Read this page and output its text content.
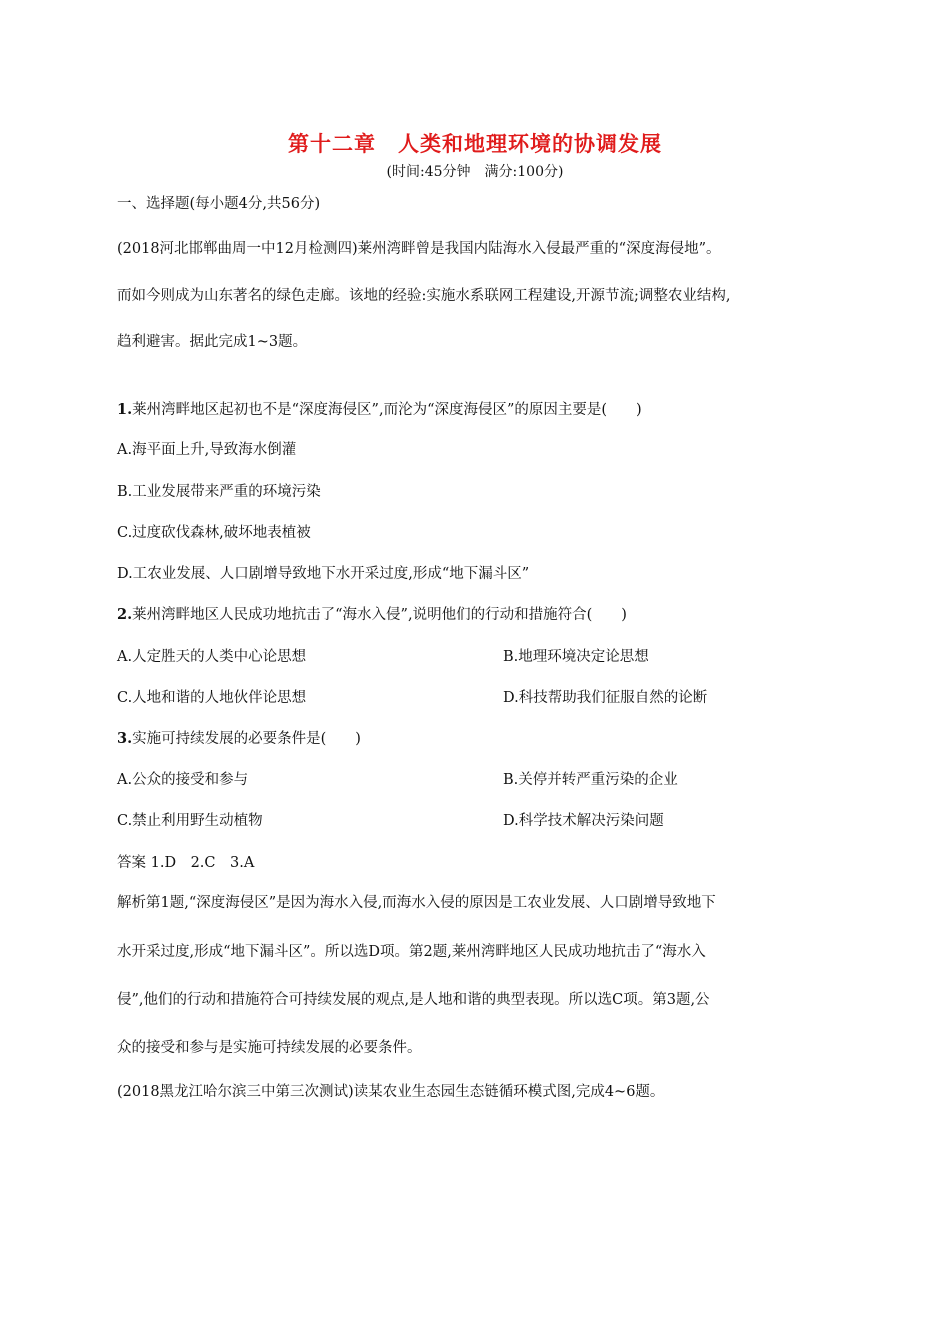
第十二章　人类和地理环境的协调发展
(时间:45分钟　满分:100分)
一、选择题(每小题4分,共56分)
(2018河北邯郸曲周一中12月检测四)莱州湾畔曾是我国内陆海水入侵最严重的“深度海侵地”。
而如今则成为山东著名的绿色走廊。该地的经验:实施水系联网工程建设,开源节流;调整农业结构,
趋利避害。据此完成1~3题。
1.莱州湾畔地区起初也不是“深度海侵区”,而沦为“深度海侵区”的原因主要是(　　)
A.海平面上升,导致海水倒灌
B.工业发展带来严重的环境污染
C.过度砍伐森林,破坏地表植被
D.工农业发展、人口剧增导致地下水开采过度,形成“地下漏斗区”
2.莱州湾畔地区人民成功地抗击了“海水入侵”,说明他们的行动和措施符合(　　)
A.人定胜天的人类中心论思想	B.地理环境决定论思想
C.人地和谐的人地伙伴论思想	D.科技帮助我们征服自然的论断
3.实施可持续发展的必要条件是(　　)
A.公众的接受和参与	B.关停并转严重污染的企业
C.禁止利用野生动植物	D.科学技术解决污染问题
答案 1.D　2.C　3.A
解析第1题,“深度海侵区”是因为海水入侵,而海水入侵的原因是工农业发展、人口剧增导致地下
水开采过度,形成“地下漏斗区”。所以选D项。第2题,莱州湾畔地区人民成功地抗击了“海水入
侵”,他们的行动和措施符合可持续发展的观点,是人地和谐的典型表现。所以选C项。第3题,公
众的接受和参与是实施可持续发展的必要条件。
(2018黑龙江哈尔滨三中第三次测试)读某农业生态园生态链循环模式图,完成4~6题。
